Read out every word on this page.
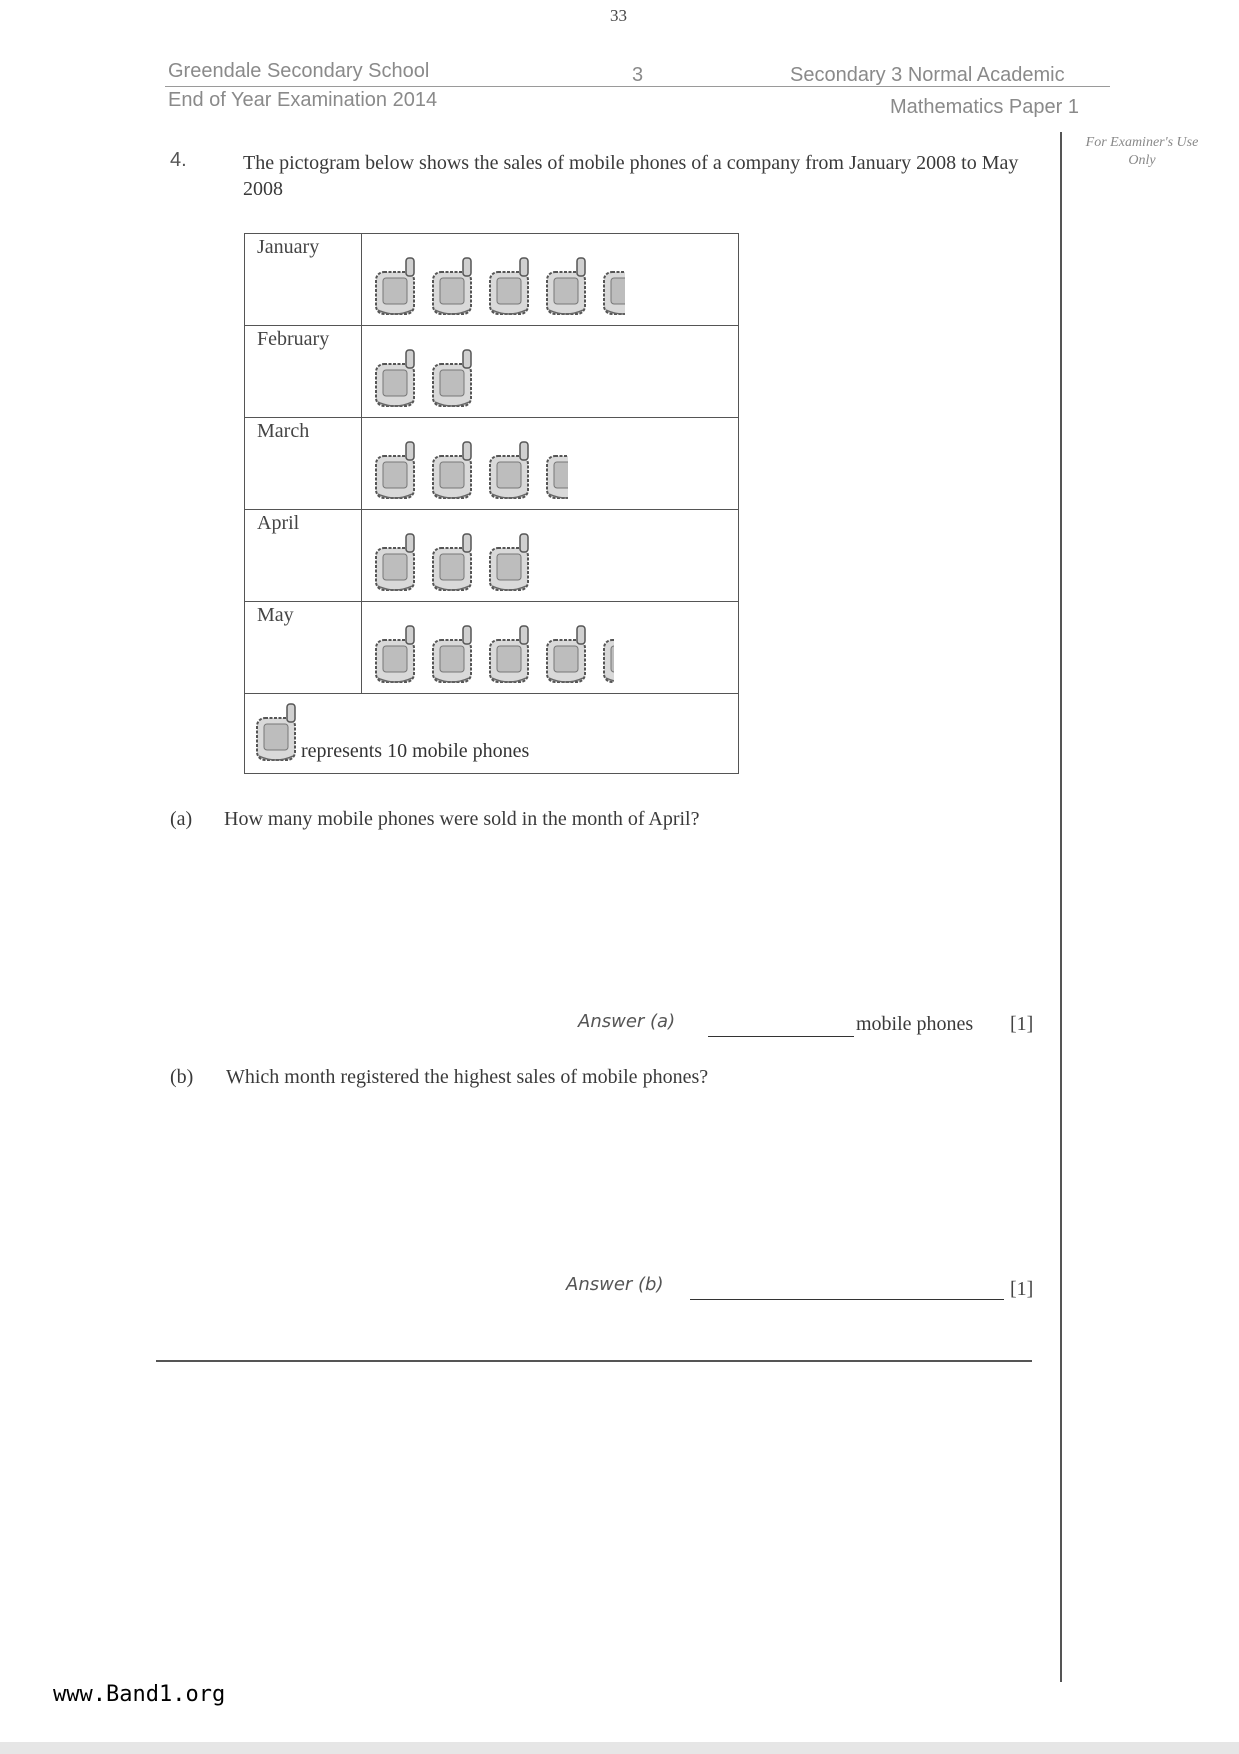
33
Greendale Secondary School
End of Year Examination 2014
3	Secondary 3 Normal Academic
Mathematics Paper 1
For Examiner's Use Only
4.	The pictogram below shows the sales of mobile phones of a company from January 2008 to May 2008
January	

February	

March	

April	

May	

represents 10 mobile phones	
(a) How many mobile phones were sold in the month of April?
Answer (a)	mobile phones [1]
(b) Which month registered the highest sales of mobile phones?
Answer (b)	[1]
www.Band1.org
